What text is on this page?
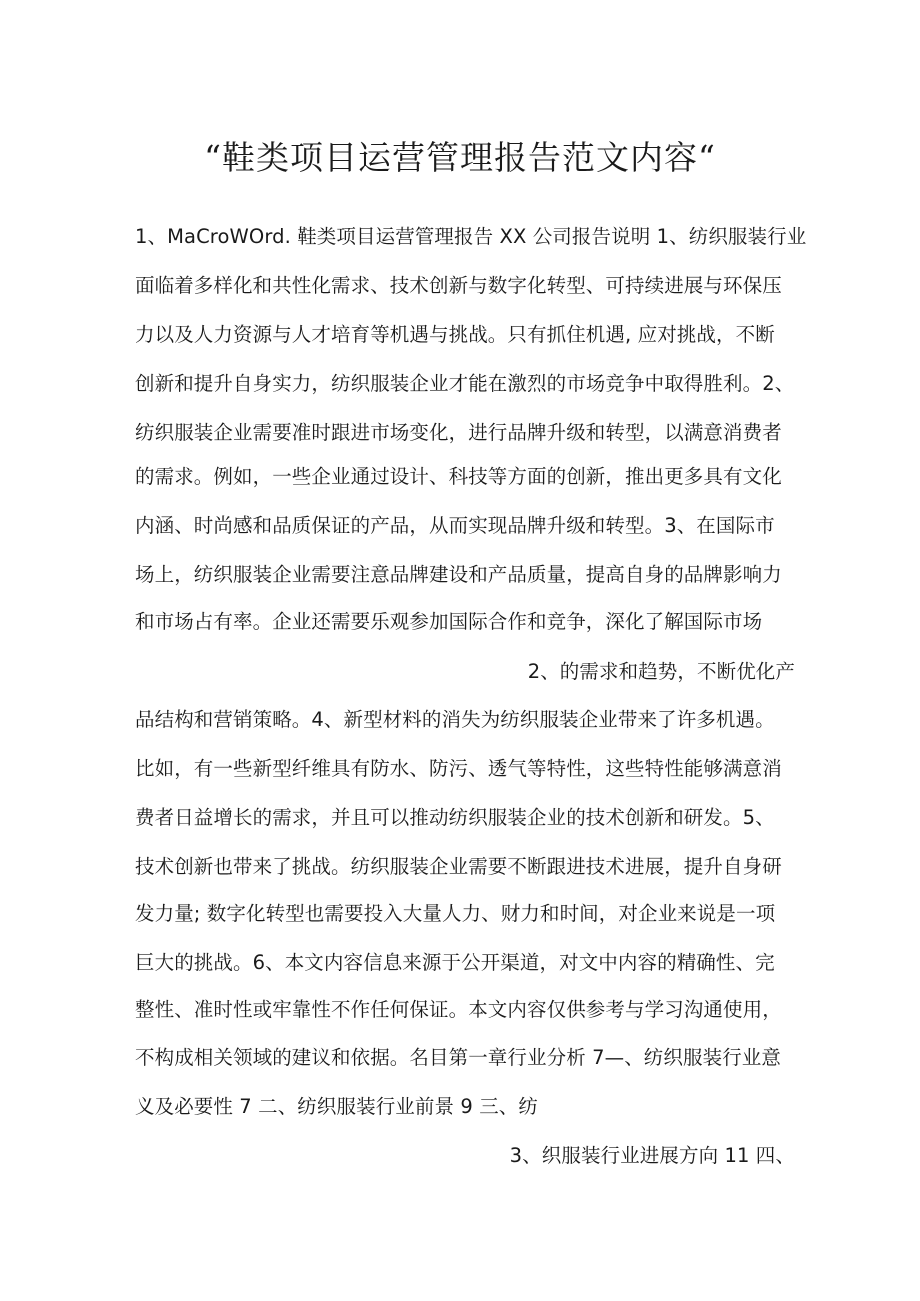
“鞋类项目运营管理报告范文内容“
1、MaCroWOrd. 鞋类项目运营管理报告 XX 公司报告说明 1、纺织服装行业
面临着多样化和共性化需求、技术创新与数字化转型、可持续进展与环保压
力以及人力资源与人才培育等机遇与挑战。只有抓住机遇, 应对挑战，不断
创新和提升自身实力，纺织服装企业才能在激烈的市场竞争中取得胜利。2、
纺织服装企业需要准时跟进市场变化，进行品牌升级和转型，以满意消费者
的需求。例如，一些企业通过设计、科技等方面的创新，推出更多具有文化
内涵、时尚感和品质保证的产品，从而实现品牌升级和转型。3、在国际市
场上，纺织服装企业需要注意品牌建设和产品质量，提高自身的品牌影响力
和市场占有率。企业还需要乐观参加国际合作和竞争，深化了解国际市场
2、的需求和趋势，不断优化产
品结构和营销策略。4、新型材料的消失为纺织服装企业带来了许多机遇。
比如，有一些新型纤维具有防水、防污、透气等特性，这些特性能够满意消
费者日益增长的需求，并且可以推动纺织服装企业的技术创新和研发。5、
技术创新也带来了挑战。纺织服装企业需要不断跟进技术进展，提升自身研
发力量; 数字化转型也需要投入大量人力、财力和时间，对企业来说是一项
巨大的挑战。6、本文内容信息来源于公开渠道，对文中内容的精确性、完
整性、准时性或牢靠性不作任何保证。本文内容仅供参考与学习沟通使用，
不构成相关领域的建议和依据。名目第一章行业分析 7—、纺织服装行业意
义及必要性 7 二、纺织服装行业前景 9 三、纺
3、织服装行业进展方向 11 四、
